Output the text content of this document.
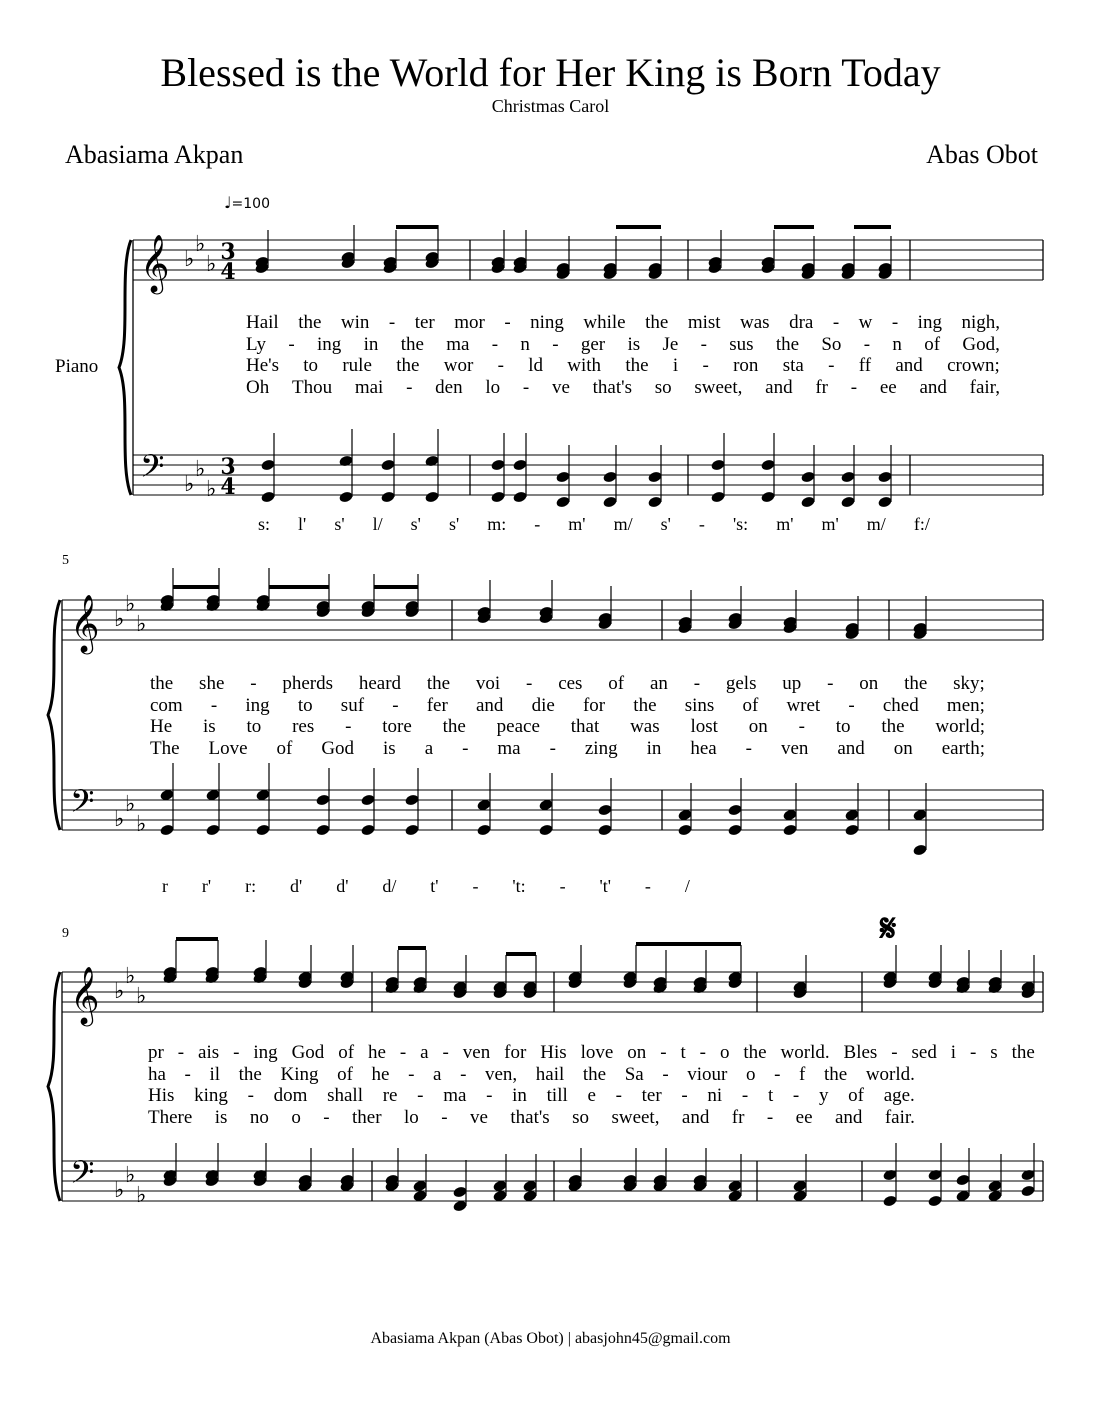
Blessed is the World for Her King is Born Today
Christmas Carol
Abasiama Akpan	Abas Obot
♩=100
Piano
5
9	𝄋
𝄞 ♭
♭
♭
𝄢 ♭
♭
♭
𝄞 ♭
♭
♭
𝄢 ♭
♭
♭
𝄞 ♭
♭
♭
𝄢 ♭
♭
♭
3
4
3
4
Hail the win - ter mor - ning while the mist was dra - w - ing nigh,
Ly - ing in the ma - n - ger is Je - sus the So - n of God,
He's to rule the wor - ld with the i - ron sta - ff and crown;
Oh Thou mai - den lo - ve that's so sweet, and fr - ee and fair,
s: l' s' l/ s' s' m: - m' m/ s' - 's: m' m' m/ f:/
the she - pherds heard the voi - ces of an - gels up - on the sky;
com - ing to suf - fer and die for the sins of wret - ched men;
He is to res - tore the peace that was lost on - to the world;
The Love of God is a - ma - zing in hea - ven and on earth;
r r' r: d' d' d/ t' - 't: - 't' - /
pr - ais - ing God of he - a - ven for His love on - t - o the world. Bles - sed i - s the
ha - il the King of he - a - ven, hail the Sa - viour o - f the world.
His king - dom shall re - ma - in till e - ter - ni - t - y of age.
There is no o - ther lo - ve that's so sweet, and fr - ee and fair.
Abasiama Akpan (Abas Obot) | abasjohn45@gmail.com
